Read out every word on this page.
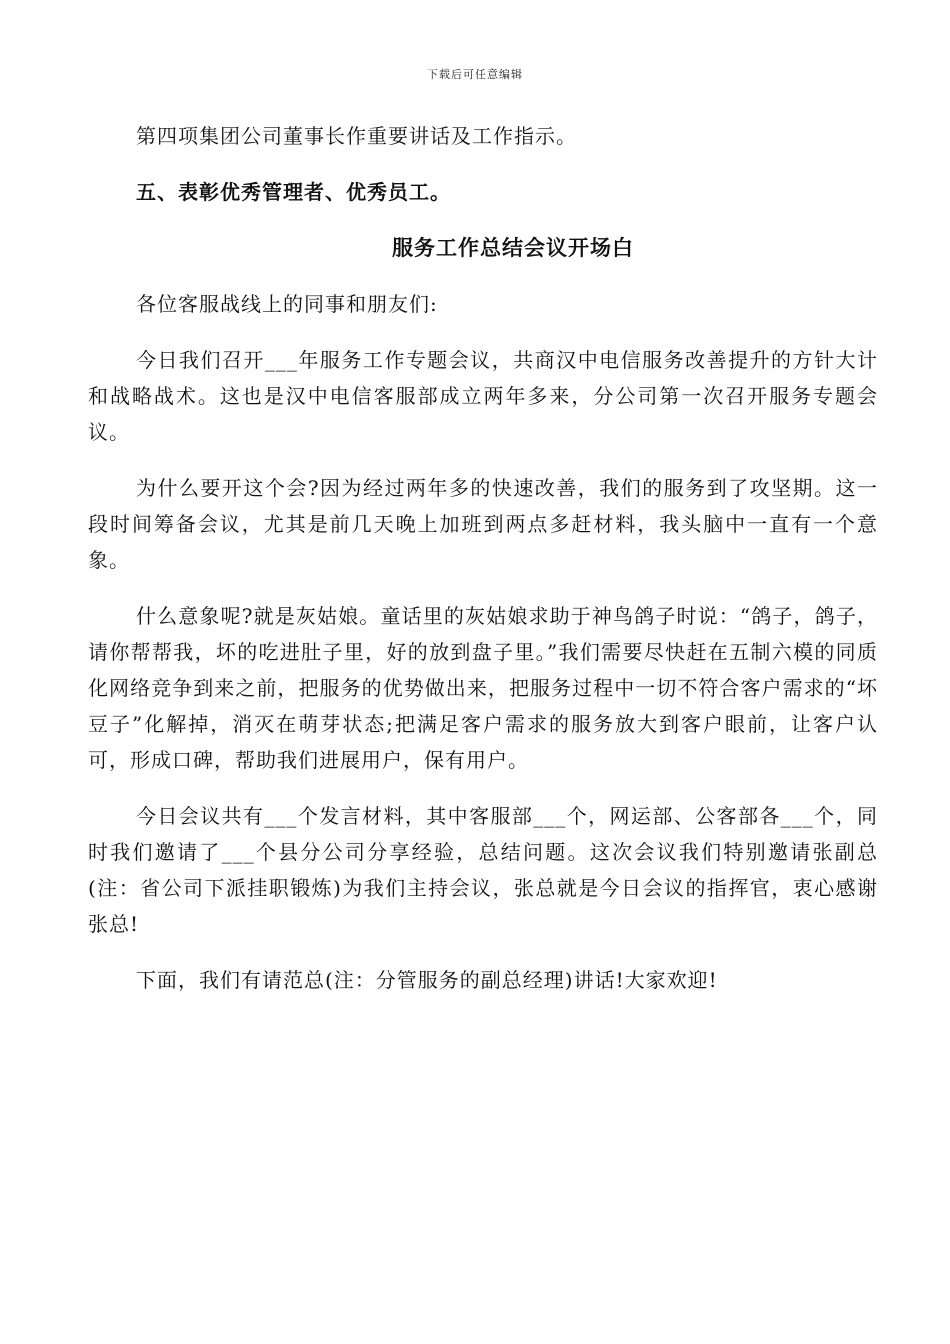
下载后可任意编辑

第四项集团公司董事长作重要讲话及工作指示。

五、表彰优秀管理者、优秀员工。

服务工作总结会议开场白

各位客服战线上的同事和朋友们:

今日我们召开___年服务工作专题会议，共商汉中电信服务改善提升的方针大计和战略战术。这也是汉中电信客服部成立两年多来，分公司第一次召开服务专题会议。

为什么要开这个会?因为经过两年多的快速改善，我们的服务到了攻坚期。这一段时间筹备会议，尤其是前几天晚上加班到两点多赶材料，我头脑中一直有一个意象。

什么意象呢?就是灰姑娘。童话里的灰姑娘求助于神鸟鸽子时说：“鸽子，鸽子，请你帮帮我，坏的吃进肚子里，好的放到盘子里。”我们需要尽快赶在五制六模的同质化网络竞争到来之前，把服务的优势做出来，把服务过程中一切不符合客户需求的“坏豆子”化解掉，消灭在萌芽状态;把满足客户需求的服务放大到客户眼前，让客户认可，形成口碑，帮助我们进展用户，保有用户。

今日会议共有___个发言材料，其中客服部___个，网运部、公客部各___个，同时我们邀请了___个县分公司分享经验，总结问题。这次会议我们特别邀请张副总(注：省公司下派挂职锻炼)为我们主持会议，张总就是今日会议的指挥官，衷心感谢张总!

下面，我们有请范总(注：分管服务的副总经理)讲话!大家欢迎!
